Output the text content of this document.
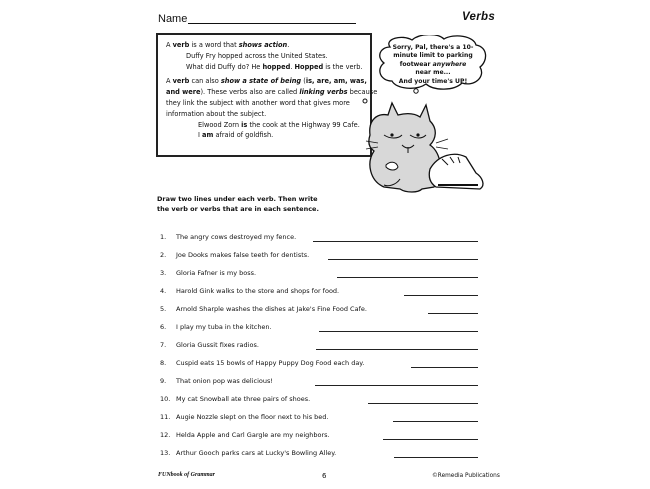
Name	Verbs
A verb is a word that shows action.
Duffy Fry hopped across the United States.
What did Duffy do? He hopped. Hopped is the verb.
A verb can also show a state of being (is, are, am, was,
and were). These verbs also are called linking verbs because
they link the subject with another word that gives more
information about the subject.
Elwood Zorn is the cook at the Highway 99 Cafe.
I am afraid of goldfish.
Sorry, Pal, there's a 10-
minute limit to parking
footwear anywhere
near me...
And your time's UP!
Draw two lines under each verb. Then write
the verb or verbs that are in each sentence.
1. The angry cows destroyed my fence.
2. Joe Dooks makes false teeth for dentists.
3. Gloria Fafner is my boss.
4. Harold Gink walks to the store and shops for food.
5. Arnold Sharple washes the dishes at Jake's Fine Food Cafe.
6. I play my tuba in the kitchen.
7. Gloria Gussit fixes radios.
8. Cuspid eats 15 bowls of Happy Puppy Dog Food each day.
9. That onion pop was delicious!
10. My cat Snowball ate three pairs of shoes.
11. Augie Nozzle slept on the floor next to his bed.
12. Helda Apple and Carl Gargle are my neighbors.
13. Arthur Gooch parks cars at Lucky's Bowling Alley.
FUNbook of Grammar	6	©Remedia Publications
